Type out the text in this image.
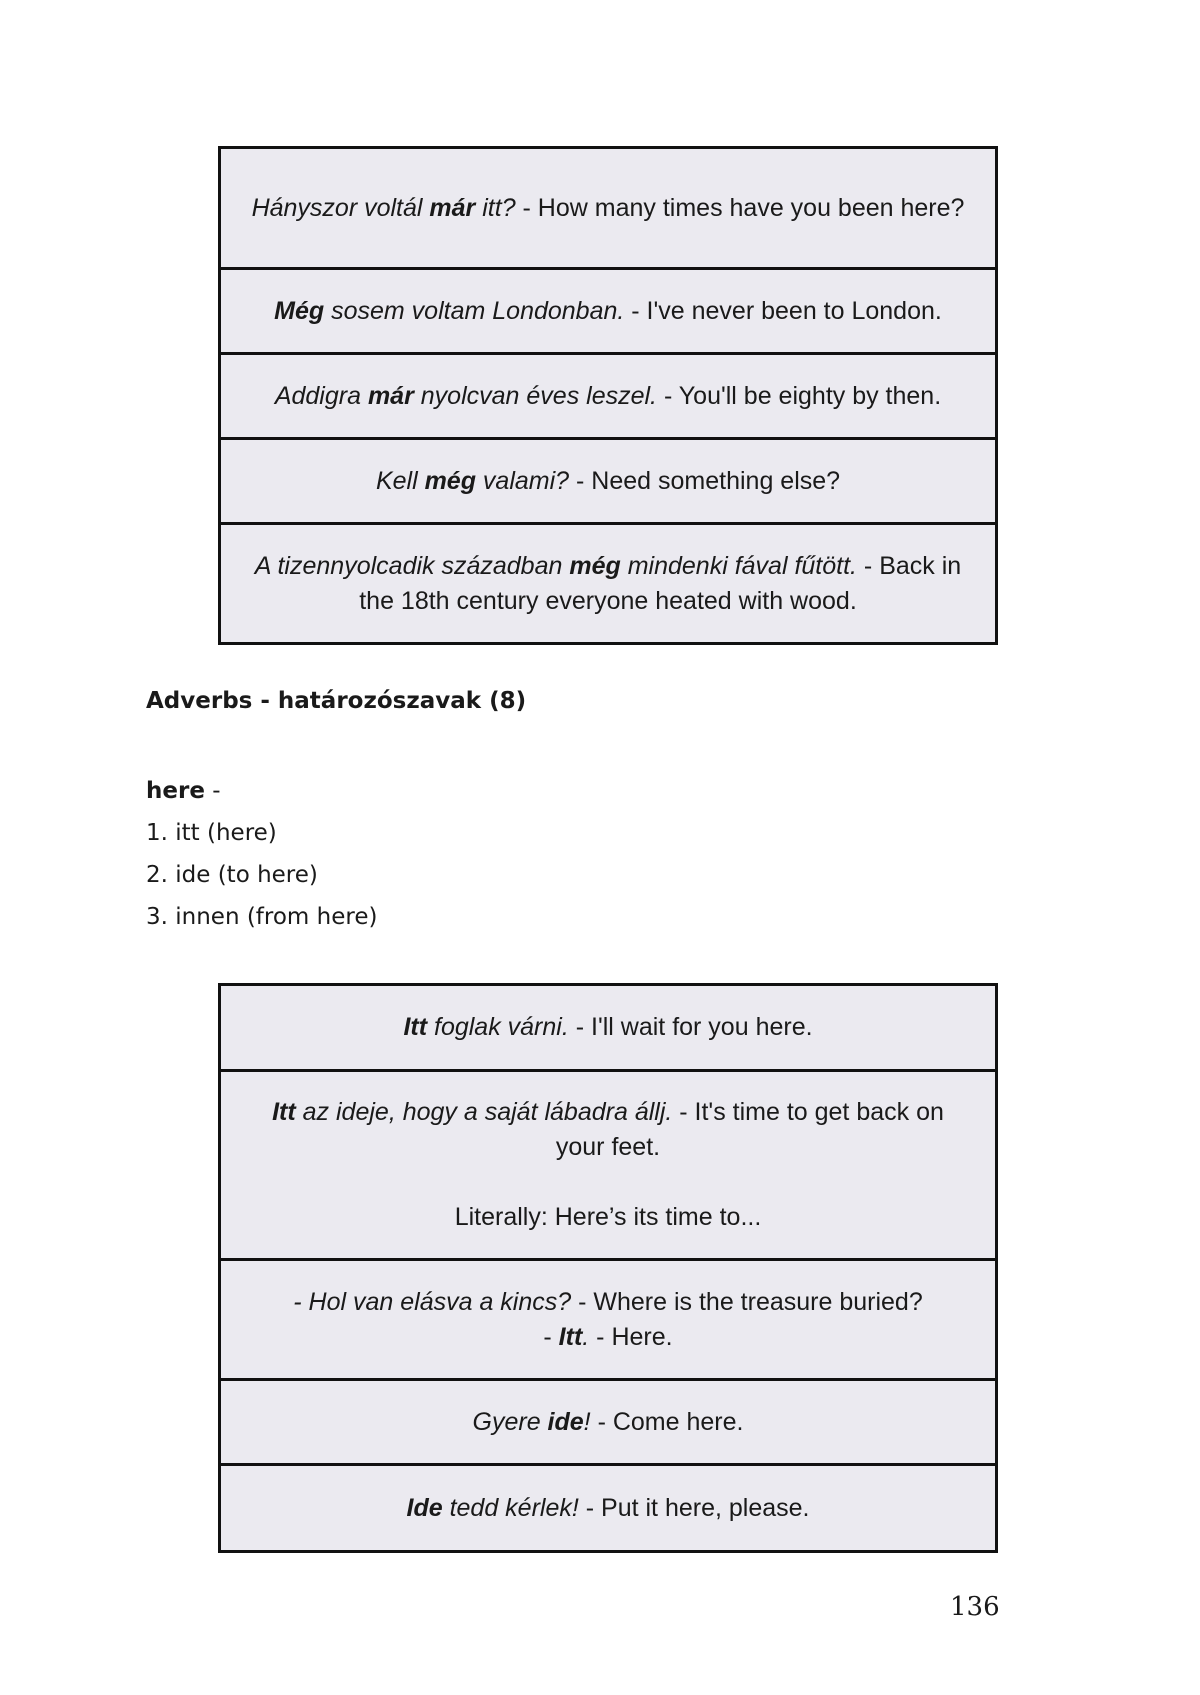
Hányszor voltál már itt? - How many times have you been here?

Még sosem voltam Londonban. - I've never been to London.

Addigra már nyolcvan éves leszel. - You'll be eighty by then.

Kell még valami? - Need something else?

A tizennyolcadik században még mindenki fával fűtött. - Back in the 18th century everyone heated with wood.

Adverbs - határozószavak (8)
here -
1. itt (here)
2. ide (to here)
3. innen (from here)

Itt foglak várni. - I'll wait for you here.

Itt az ideje, hogy a saját lábadra állj. - It's time to get back on your feet.

Literally: Here’s its time to...

- Hol van elásva a kincs? - Where is the treasure buried?

- Itt. - Here.

Gyere ide! - Come here.

Ide tedd kérlek! - Put it here, please.

136
